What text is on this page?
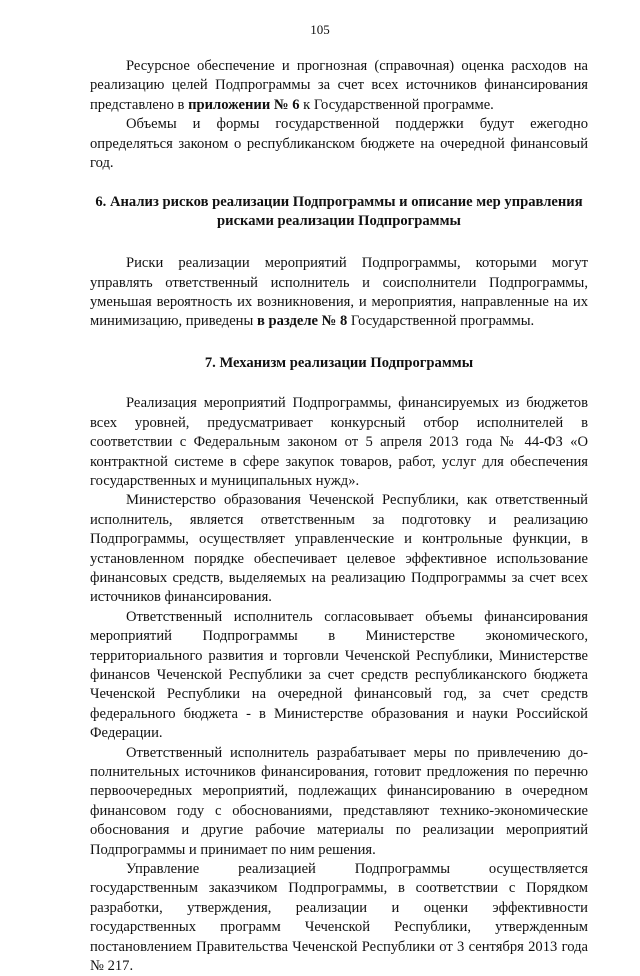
105

Ресурсное обеспечение и прогнозная (справочная) оценка расходов на реализацию целей Подпрограммы за счет всех источников финансирования представлено в приложении № 6 к Государственной программе.

Объемы и формы государственной поддержки будут ежегодно определяться законом о республиканском бюджете на очередной финансовый год.

6. Анализ рисков реализации Подпрограммы и описание мер управления рисками реализации Подпрограммы

Риски реализации мероприятий Подпрограммы, которыми могут управлять ответственный исполнитель и соисполнители Подпрограммы, уменьшая вероятность их возникновения, и мероприятия, направленные на их минимизацию, приведены в разделе № 8 Государственной программы.

7. Механизм реализации Подпрограммы

Реализация мероприятий Подпрограммы, финансируемых из бюджетов всех уровней, предусматривает конкурсный отбор исполнителей в соответствии с Федеральным законом от 5 апреля 2013 года № 44-ФЗ «О контрактной системе в сфере закупок товаров, работ, услуг для обеспечения государственных и муниципальных нужд».

Министерство образования Чеченской Республики, как ответственный исполнитель, является ответственным за подготовку и реализацию Подпрограммы, осуществляет управленческие и контрольные функции, в установленном порядке обеспечивает целевое эффективное использование финансовых средств, выделяемых на реализацию Подпрограммы за счет всех источников финансирования.

Ответственный исполнитель согласовывает объемы финансирования мероприятий Подпрограммы в Министерстве экономического, территориального развития и торговли Чеченской Республики, Министерстве финансов Чеченской Республики за счет средств республиканского бюджета Чеченской Республики на очередной финансовый год, за счет средств федерального бюджета - в Министерстве образования и науки Российской Федерации.

Ответственный исполнитель разрабатывает меры по привлечению дополнительных источников финансирования, готовит предложения по перечню первоочередных мероприятий, подлежащих финансированию в очередном финансовом году с обоснованиями, представляют технико-экономические обоснования и другие рабочие материалы по реализации мероприятий Подпрограммы и принимает по ним решения.

Управление реализацией Подпрограммы осуществляется государственным заказчиком Подпрограммы, в соответствии с Порядком разработки, утверждения, реализации и оценки эффективности государственных программ Чеченской Республики, утвержденным постановлением Правительства Чеченской Республики от 3 сентября 2013 года № 217.
